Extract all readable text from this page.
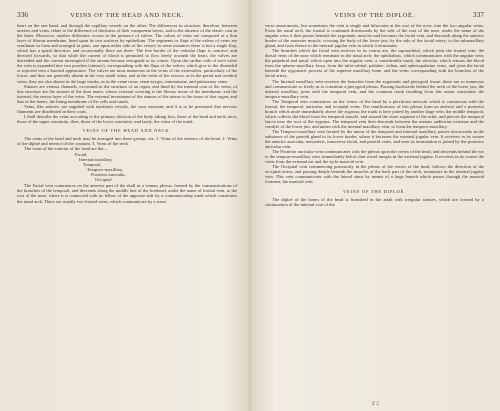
336	VEINS OF THE HEAD AND NECK.

heart on the one hand, and through the capillary vessels on the other. The differences in structure, therefore, between arteries and veins, relate to the difference of thickness of their component layers, and to the absence of the elastic coat in the latter. Moreover, another difference occurs in the presence of valves. The valves of veins are composed of a thin layer of fibrous membrane, lined upon its two surfaces by epithelium. The segments or flaps of the valves of veins are semilunar in form and arranged in pairs, one upon either side of the vessel; in some instances there is but a single flap, which has a spiral direction, and occasionally there are three. The free border of the valvular flaps is concave, and directed forwards, so that while the current of blood is permitted to flow freely towards the heart, the valves are distended and the current interrupted if the stream become retrograde in its course. Upon the cardiac side of each valve the vein is expanded into two pouches (sinuses), corresponding with the flaps of the valves; which give to the distended or injected vein a knotted appearance. The valves are most numerous in the veins of the extremities, particularly of the lower; and they are generally absent in the very small veins, and in the veins of the viscera, as in the portal and cerebral veins; they are also absent in the large trunks, as in the venæ cavæ, venæ azygos, innominatæ, and pulmonary veins.

Sinuses are venous channels, excavated in the structure of an organ, and lined by the internal coat of the veins; of this structure are the sinuses of the dura mater, whose external covering is the fibrous tissue of the membrane, and the internal, the serous layer of the veins. The external investment of the sinuses of the uterus is the tissue of that organ; and that of the bones, the lining membrane of the cells and canals.

Veins, like arteries, are supplied with nutritious vessels, the vasa vasorum; and it is to be presumed that nervous filaments are distributed in their coats.

I shall describe the veins according to the primary division of the body, taking first, those of the head and neck; next, those of the upper extremity; then, those of the lower extremity; and lastly, the veins of the trunk.

VEINS OF THE HEAD AND NECK.

The veins of the head and neck may be arranged into three groups, viz. 1. Veins of the exterior of the head. 2. Veins of the diploë and interior of the cranium. 3. Veins of the neck.

The veins of the exterior of the head are the—

Facial,
Internal maxillary,
Temporal,
Temporo-maxillary,
Posterior auricular,
Occipital.

The Facial vein commences on the anterior part of the skull in a venous plexus, formed by the communications of the branches of the temporal, and descends along the middle line of the forehead, under the name of frontal vein, to the root of the nose, where it is connected with its fellow of the opposite side by a communicating trunk which constitutes the nasal arch. There are usually two frontal veins, which communicate by a trans-

VEINS OF THE DIPLOË.	337

verse anastomosis; but sometimes the vein is single and bifurcates at the root of the nose, into the two angular veins. From the nasal arch, the frontal is continued downwards by the side of the root of the nose, under the name of the angular vein; it then passes beneath the zygomatic muscles and becomes the facial vein, and descends along the anterior border of the masseter muscle, crossing the body of the lower jaw, by the side of the facial artery, to the submaxillary gland, and from thence to the internal jugular vein in which it terminates.

The branches which the facial vein receives in its course are, the supraorbital, which joins the frontal vein; the dorsal veins of the nose which terminate in the nasal arch; the ophthalmic, which communicates with the angular vein; the palpebral and nasal, which open into the angular vein; a considerable trunk, the alveolar, which returns the blood from the spheno-maxillary fossa, from the infra-orbital, palatine, vidian, and sphenopalatine veins, and joins the facial beneath the zygomatic process of the superior maxillary bone, and the veins corresponding with the branches of the facial artery.

The Internal maxillary vein receives the branches from the zygomatic and pterygoid fossæ; these are so numerous and communicate so freely as to constitute a pterygoid plexus. Passing backwards behind the neck of the lower jaw, the internal maxillary joins with the temporal vein, and the common trunk resulting from this union constitutes the temporo-maxillary vein.

The Temporal vein commences on the vertex of the head by a plexiform network which is continuous with the frontal, the temporal, auricular, and occipital veins. The ramifications of this plexus form an anterior and a posterior branch which unite immediately above the zygoma; the trunk is here joined by another large vein, the middle temporal, which collects the blood from the temporal muscle, and around the outer segment of the orbit, and pierces the temporal fascia near the root of the zygoma. The temporal vein then descends between the meatus auditorius externus and the condyle of the lower jaw, and unites with the internal maxillary vein, to form the temporo-maxillary.

The Temporo-maxillary vein formed by the union of the temporal and internal maxillary, passes downwards in the substance of the parotid gland to its lower border, where it becomes the external jugular vein. It receives in its course the anterior auricular, masseteric, transverse facial, and parotid veins, and near its termination is joined by the posterior auricular vein.

The Posterior auricular vein communicates with the plexus upon the vertex of the head, and descends behind the ear to the temporo-maxillary vein, immediately below that vessel merges in the external jugular. It receives in its course the veins from the external ear and the stylo-mastoid vein.

The Occipital vein commencing posteriorly in the plexus of the vertex of the head, follows the direction of the occipital artery, and passing deeply beneath the muscles of the back part of the neck, terminates in the internal jugular vein. This vein communicates with the lateral sinus by means of a large branch which passes through the mastoid foramen, the mastoid vein.

VEINS OF THE DIPLOË.

The diploë of the bones of the head is furnished in the adult with irregular sinuses, which are formed by a continuation of the internal coat of the

Z 2
